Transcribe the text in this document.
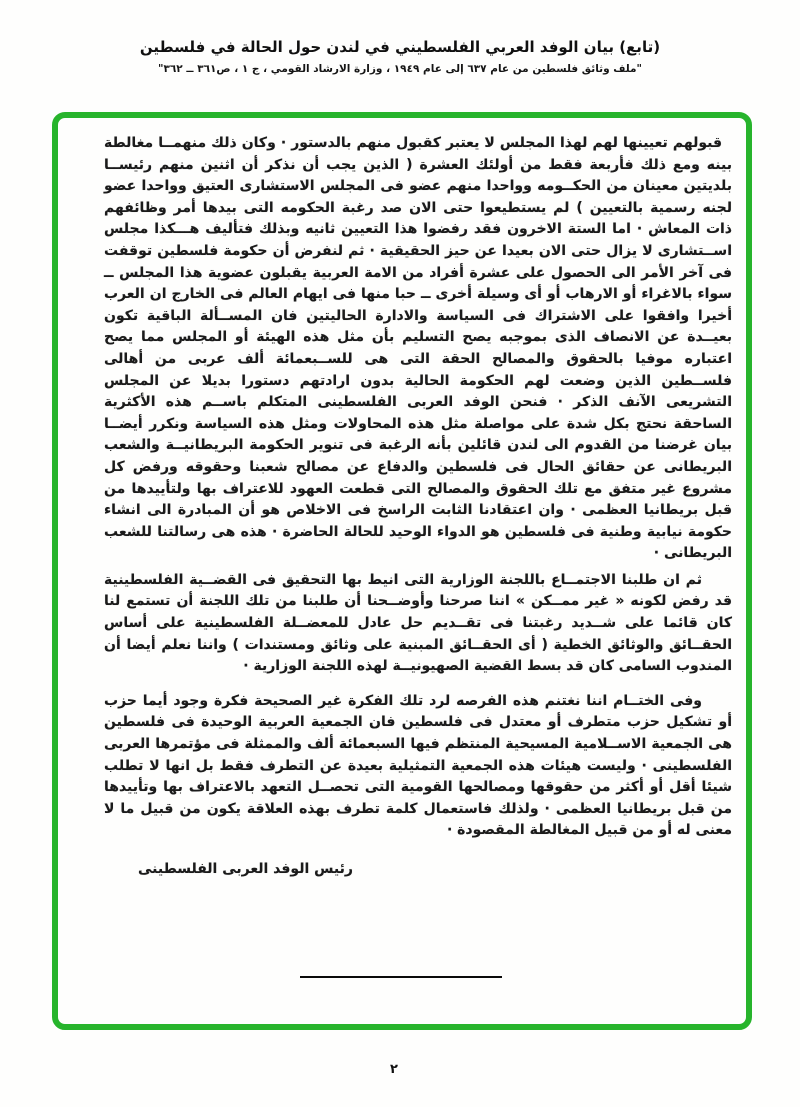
(تابع) بيان الوفد العربي الفلسطيني في لندن حول الحالة في فلسطين
"ملف وثائق فلسطين من عام ٦٣٧ إلى عام ١٩٤٩ ، وزارة الارشاد القومي ، ج ١ ، ص٣٦١ ــ ٣٦٢"

قبولهم تعيينها لهم لهذا المجلس لا يعتبر كقبول منهم بالدستور · وكان ذلك منهمــا مغالطة بينه ومع ذلك فأربعة فقط من أولئك العشرة ( الذين يجب أن نذكر أن اثنين منهم رئيســا بلديتين معينان من الحكــومه وواحدا منهم عضو فى المجلس الاستشارى العتيق وواحدا عضو لجنه رسمية بالتعيين ) لم يستطيعوا حتى الان صد رغبة الحكومه التى بيدها أمر وظائفهم ذات المعاش · اما الستة الاخرون فقد رفضوا هذا التعيين ثانيه وبذلك فتأليف هـــكذا مجلس اســتشارى لا يزال حتى الان بعيدا عن حيز الحقيقية · ثم لنفرض أن حكومة فلسطين توقفت فى آخر الأمر الى الحصول على عشرة أفراد من الامة العربية يقبلون عضوية هذا المجلس ــ سواء بالاغراء أو الارهاب أو أى وسيلة أخرى ــ حبا منها فى ايهام العالم فى الخارج ان العرب أخيرا وافقوا على الاشتراك فى السياسة والادارة الحاليتين فان المســألة الباقية تكون بعيــدة عن الانصاف الذى بموجبه يصح التسليم بأن مثل هذه الهيئة أو المجلس مما يصح اعتباره موفيا بالحقوق والمصالح الحقة التى هى للســبعمائة ألف عربى من أهالى فلســطين الذين وضعت لهم الحكومة الحالية بدون ارادتهم دستورا بديلا عن المجلس التشريعى الآنف الذكر · فنحن الوفد العربى الفلسطينى المتكلم باســم هذه الأكثرية الساحقة نحتج بكل شدة على مواصلة مثل هذه المحاولات ومثل هذه السياسة ونكرر أيضــا بيان غرضنا من القدوم الى لندن قائلين بأنه الرغبة فى تنوير الحكومة البريطانيــة والشعب البريطانى عن حقائق الحال فى فلسطين والدفاع عن مصالح شعبنا وحقوقه ورفض كل مشروع غير متفق مع تلك الحقوق والمصالح التى قطعت العهود للاعتراف بها ولتأييدها من قبل بريطانيا العظمى · وان اعتقادنا الثابت الراسخ فى الاخلاص هو أن المبادرة الى انشاء حكومة نيابية وطنية فى فلسطين هو الدواء الوحيد للحالة الحاضرة · هذه هى رسالتنا للشعب البريطانى ·

ثم ان طلبنا الاجتمــاع باللجنة الوزارية التى انيط بها التحقيق فى القضــية الفلسطينية قد رفض لكونه « غير ممــكن » اننا صرحنا وأوضــحنا أن طلبنا من تلك اللجنة أن تستمع لنا كان قائما على شــديد رغبتنا فى تقــديم حل عادل للمعضــلة الفلسطينية على أساس الحقــائق والوثائق الخطية ( أى الحقــائق المبنية على وثائق ومستندات ) واننا نعلم أيضا أن المندوب السامى كان قد بسط القضية الصهيونيــة لهذه اللجنة الوزارية ·

وفى الختــام اننا نغتنم هذه الفرصه لرد تلك الفكرة غير الصحيحة فكرة وجود أيما حزب أو تشكيل حزب متطرف أو معتدل فى فلسطين فان الجمعية العربية الوحيدة فى فلسطين هى الجمعية الاســلامية المسيحية المنتظم فيها السبعمائة ألف والممثلة فى مؤتمرها العربى الفلسطينى · وليست هيئات هذه الجمعية التمثيلية بعيدة عن التطرف فقط بل انها لا تطلب شيئا أقل أو أكثر من حقوقها ومصالحها القومية التى تحصــل التعهد بالاعتراف بها وتأييدها من قبل بريطانيا العظمى · ولذلك فاستعمال كلمة تطرف بهذه العلاقة يكون من قبيل ما لا معنى له أو من قبيل المغالطة المقصودة ·

رئيس الوفد العربى الفلسطينى
٢
